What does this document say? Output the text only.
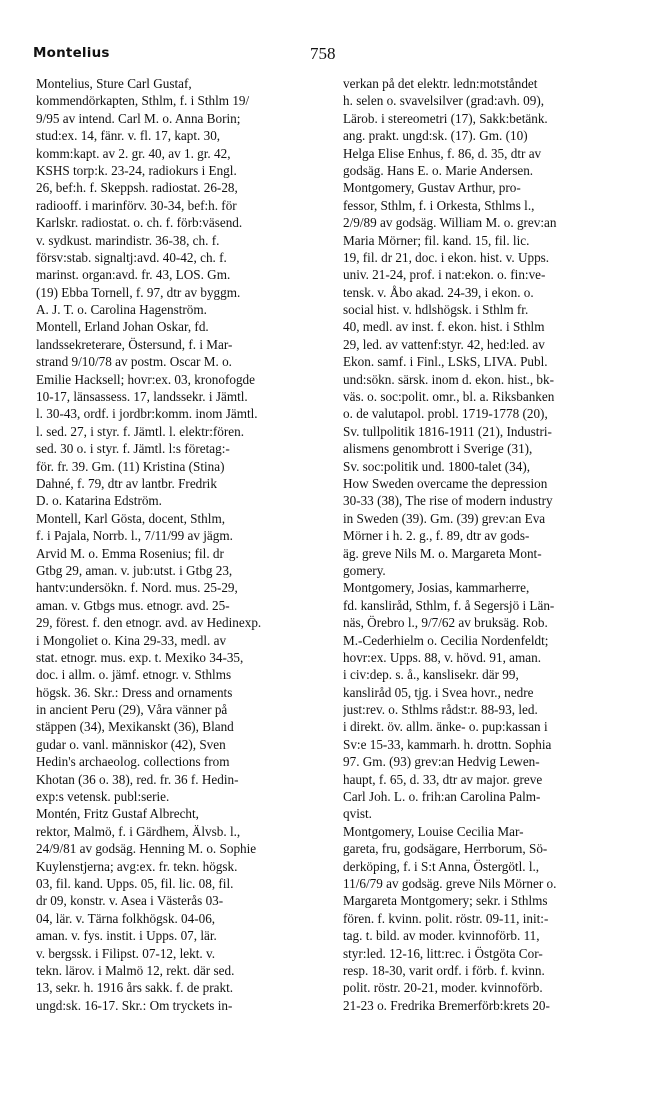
Montelius	758
Montelius, Sture Carl Gustaf,
kommendörkapten, Sthlm, f. i Sthlm 19/
9/95 av intend. Carl M. o. Anna Borin;
stud:ex. 14, fänr. v. fl. 17, kapt. 30,
komm:kapt. av 2. gr. 40, av 1. gr. 42,
KSHS torp:k. 23-24, radiokurs i Engl.
26, bef:h. f. Skeppsh. radiostat. 26-28,
radiooff. i marinförv. 30-34, bef:h. för
Karlskr. radiostat. o. ch. f. förb:väsend.
v. sydkust. marindistr. 36-38, ch. f.
försv:stab. signaltj:avd. 40-42, ch. f.
marinst. organ:avd. fr. 43, LOS. Gm.
(19) Ebba Tornell, f. 97, dtr av byggm.
A. J. T. o. Carolina Hagenström.
Montell, Erland Johan Oskar, fd.
landssekreterare, Östersund, f. i Mar-
strand 9/10/78 av postm. Oscar M. o.
Emilie Hacksell; hovr:ex. 03, kronofogde
10-17, länsassess. 17, landssekr. i Jämtl.
l. 30-43, ordf. i jordbr:komm. inom Jämtl.
l. sed. 27, i styr. f. Jämtl. l. elektr:fören.
sed. 30 o. i styr. f. Jämtl. l:s företag:-
för. fr. 39. Gm. (11) Kristina (Stina)
Dahné, f. 79, dtr av lantbr. Fredrik
D. o. Katarina Edström.
Montell, Karl Gösta, docent, Sthlm,
f. i Pajala, Norrb. l., 7/11/99 av jägm.
Arvid M. o. Emma Rosenius; fil. dr
Gtbg 29, aman. v. jub:utst. i Gtbg 23,
hantv:undersökn. f. Nord. mus. 25-29,
aman. v. Gtbgs mus. etnogr. avd. 25-
29, förest. f. den etnogr. avd. av Hedinexp.
i Mongoliet o. Kina 29-33, medl. av
stat. etnogr. mus. exp. t. Mexiko 34-35,
doc. i allm. o. jämf. etnogr. v. Sthlms
högsk. 36. Skr.: Dress and ornaments
in ancient Peru (29), Våra vänner på
stäppen (34), Mexikanskt (36), Bland
gudar o. vanl. människor (42), Sven
Hedin's archaeolog. collections from
Khotan (36 o. 38), red. fr. 36 f. Hedin-
exp:s vetensk. publ:serie.
Montén, Fritz Gustaf Albrecht,
rektor, Malmö, f. i Gärdhem, Älvsb. l.,
24/9/81 av godsäg. Henning M. o. Sophie
Kuylenstjerna; avg:ex. fr. tekn. högsk.
03, fil. kand. Upps. 05, fil. lic. 08, fil.
dr 09, konstr. v. Asea i Västerås 03-
04, lär. v. Tärna folkhögsk. 04-06,
aman. v. fys. instit. i Upps. 07, lär.
v. bergssk. i Filipst. 07-12, lekt. v.
tekn. lärov. i Malmö 12, rekt. där sed.
13, sekr. h. 1916 års sakk. f. de prakt.
ungd:sk. 16-17. Skr.: Om tryckets in-
verkan på det elektr. ledn:motståndet
h. selen o. svavelsilver (grad:avh. 09),
Lärob. i stereometri (17), Sakk:betänk.
ang. prakt. ungd:sk. (17). Gm. (10)
Helga Elise Enhus, f. 86, d. 35, dtr av
godsäg. Hans E. o. Marie Andersen.
Montgomery, Gustav Arthur, pro-
fessor, Sthlm, f. i Orkesta, Sthlms l.,
2/9/89 av godsäg. William M. o. grev:an
Maria Mörner; fil. kand. 15, fil. lic.
19, fil. dr 21, doc. i ekon. hist. v. Upps.
univ. 21-24, prof. i nat:ekon. o. fin:ve-
tensk. v. Åbo akad. 24-39, i ekon. o.
social hist. v. hdlshögsk. i Sthlm fr.
40, medl. av inst. f. ekon. hist. i Sthlm
29, led. av vattenf:styr. 42, hed:led. av
Ekon. samf. i Finl., LSkS, LIVA. Publ.
und:sökn. särsk. inom d. ekon. hist., bk-
väs. o. soc:polit. omr., bl. a. Riksbanken
o. de valutapol. probl. 1719-1778 (20),
Sv. tullpolitik 1816-1911 (21), Industri-
alismens genombrott i Sverige (31),
Sv. soc:politik und. 1800-talet (34),
How Sweden overcame the depression
30-33 (38), The rise of modern industry
in Sweden (39). Gm. (39) grev:an Eva
Mörner i h. 2. g., f. 89, dtr av gods-
äg. greve Nils M. o. Margareta Mont-
gomery.
Montgomery, Josias, kammarherre,
fd. kansliråd, Sthlm, f. å Segersjö i Län-
näs, Örebro l., 9/7/62 av bruksäg. Rob.
M.-Cederhielm o. Cecilia Nordenfeldt;
hovr:ex. Upps. 88, v. hövd. 91, aman.
i civ:dep. s. å., kanslisekr. där 99,
kansliråd 05, tjg. i Svea hovr., nedre
just:rev. o. Sthlms rådst:r. 88-93, led.
i direkt. öv. allm. änke- o. pup:kassan i
Sv:e 15-33, kammarh. h. drottn. Sophia
97. Gm. (93) grev:an Hedvig Lewen-
haupt, f. 65, d. 33, dtr av major. greve
Carl Joh. L. o. frih:an Carolina Palm-
qvist.
Montgomery, Louise Cecilia Mar-
gareta, fru, godsägare, Herrborum, Sö-
derköping, f. i S:t Anna, Östergötl. l.,
11/6/79 av godsäg. greve Nils Mörner o.
Margareta Montgomery; sekr. i Sthlms
fören. f. kvinn. polit. röstr. 09-11, init:-
tag. t. bild. av moder. kvinnoförb. 11,
styr:led. 12-16, litt:rec. i Östgöta Cor-
resp. 18-30, varit ordf. i förb. f. kvinn.
polit. röstr. 20-21, moder. kvinnoförb.
21-23 o. Fredrika Bremerförb:krets 20-
